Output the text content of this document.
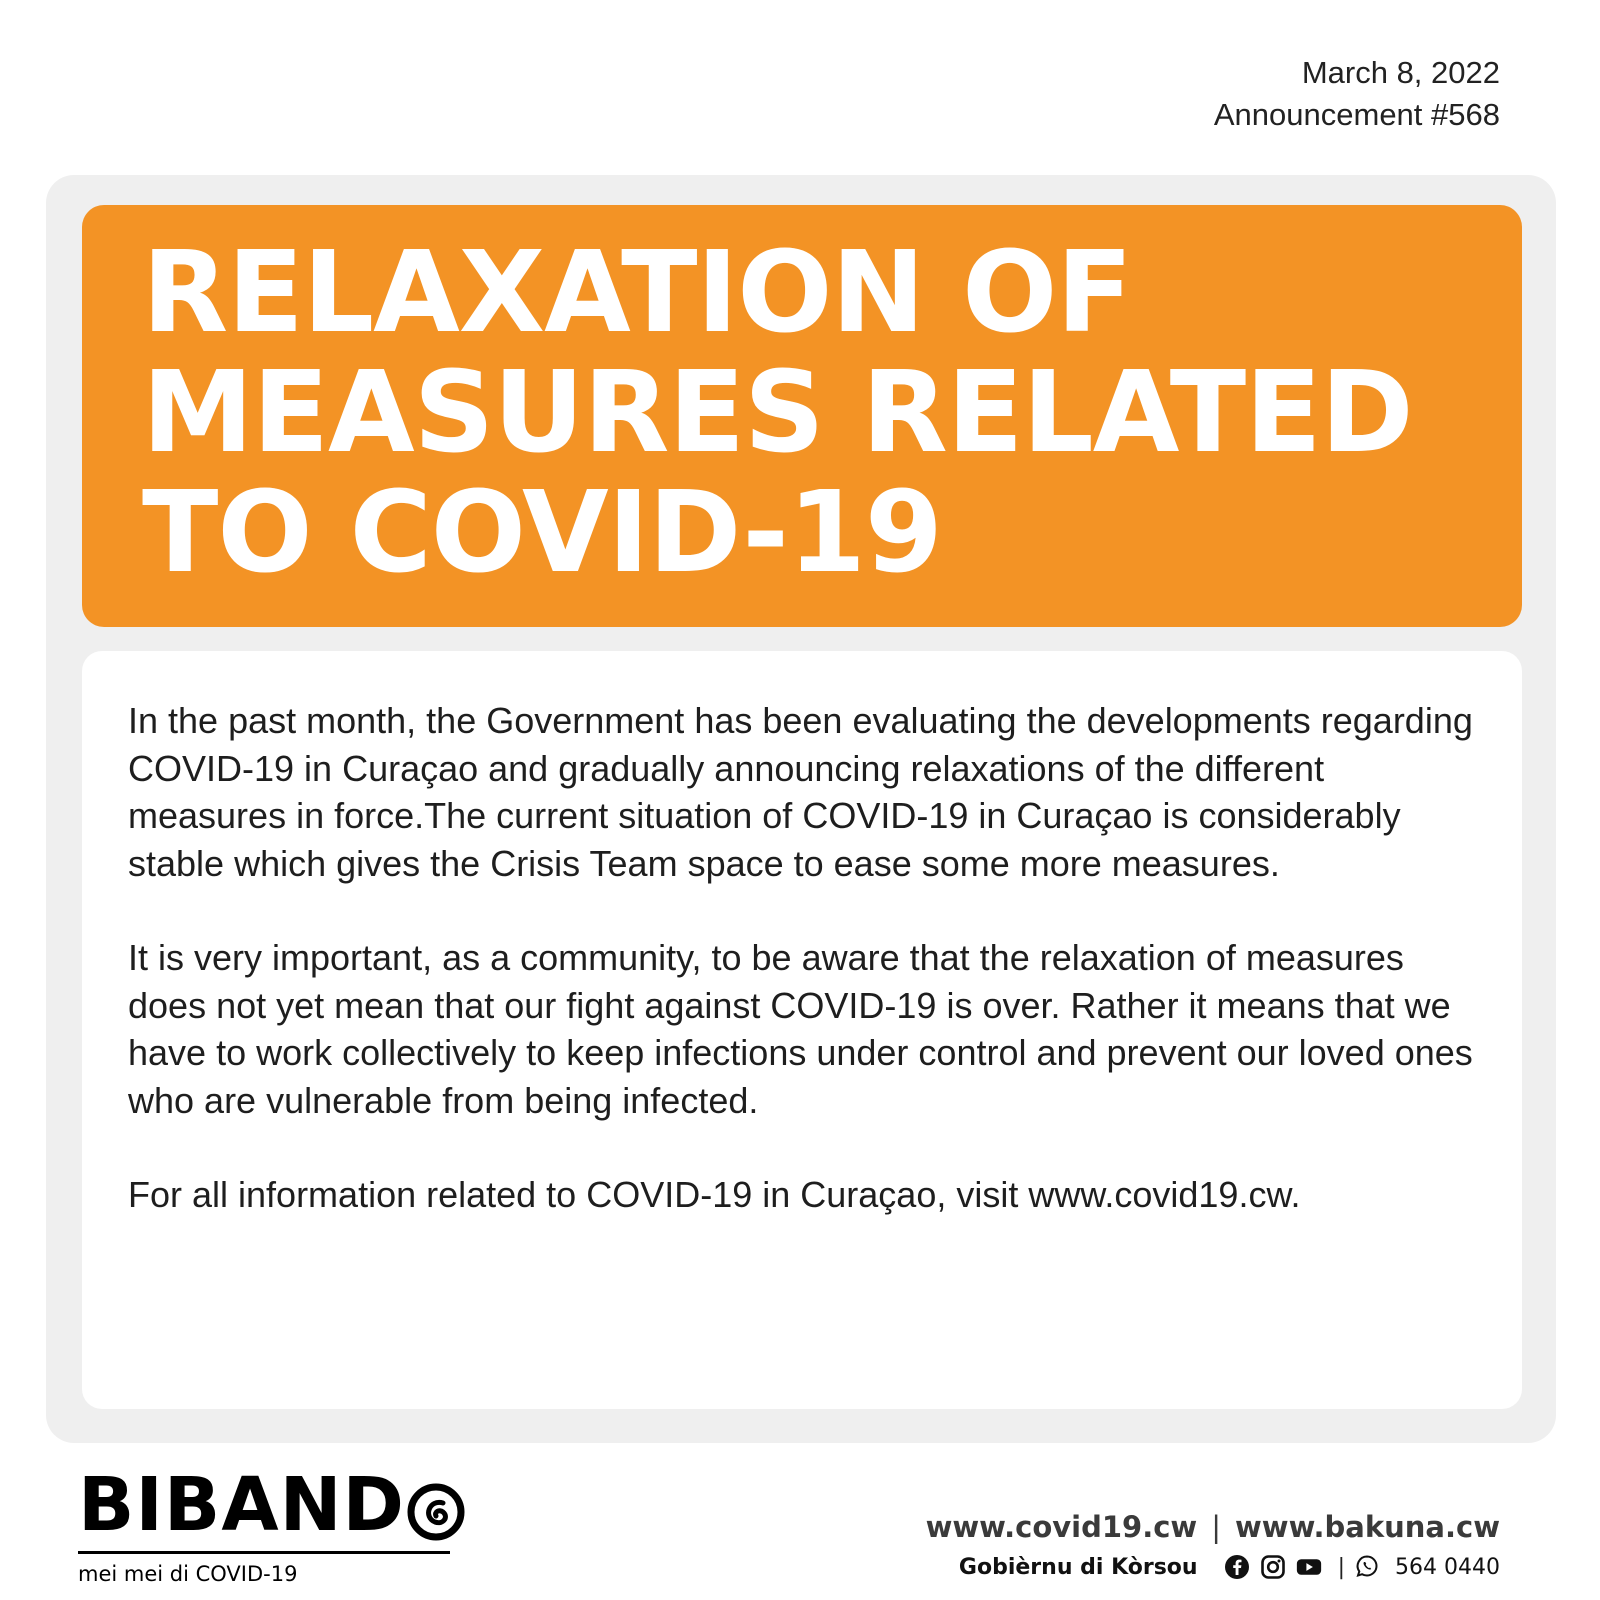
March 8, 2022
Announcement #568
RELAXATION OF
MEASURES RELATED
TO COVID-19

In the past month, the Government has been evaluating the developments regarding COVID-19 in Curaçao and gradually announcing relaxations of the different measures in force.The current situation of COVID-19 in Curaçao is considerably stable which gives the Crisis Team space to ease some more measures.

It is very important, as a community, to be aware that the relaxation of measures does not yet mean that our fight against COVID-19 is over. Rather it means that we have to work collectively to keep infections under control and prevent our loved ones who are vulnerable from being infected.

For all information related to COVID-19 in Curaçao, visit www.covid19.cw.

BIBAND
mei mei di COVID-19
www.covid19.cw | www.bakuna.cw
Gobièrnu di Kòrsou	| 564 0440
